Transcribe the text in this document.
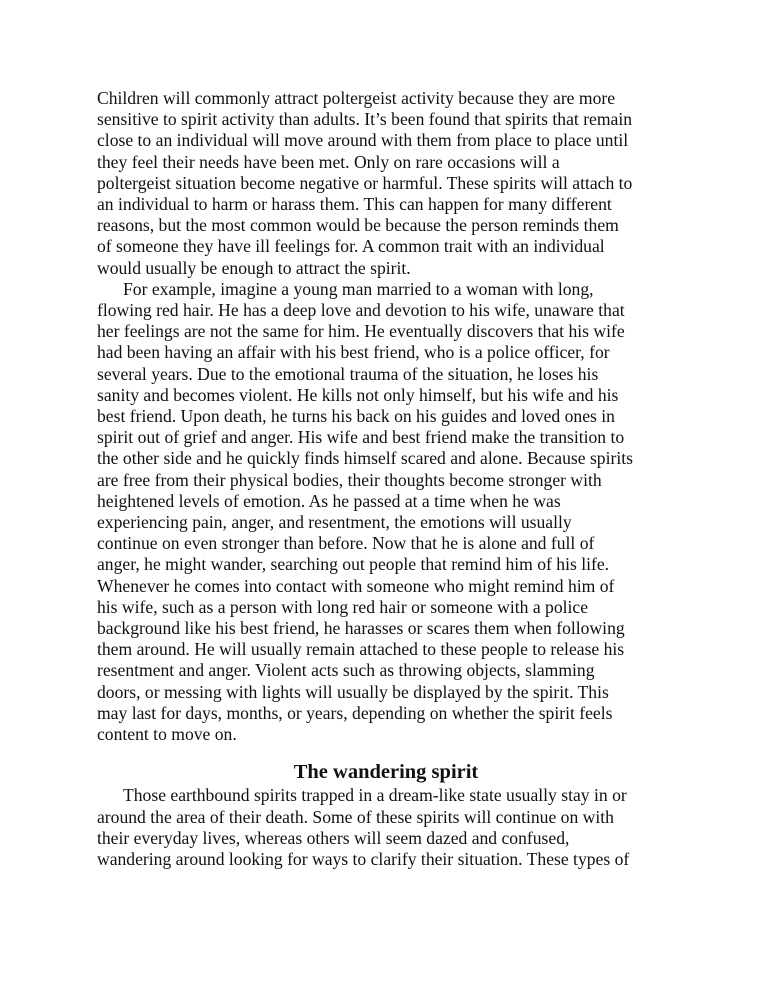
Children will commonly attract poltergeist activity because they are more
sensitive to spirit activity than adults. It’s been found that spirits that remain
close to an individual will move around with them from place to place until
they feel their needs have been met. Only on rare occasions will a
poltergeist situation become negative or harmful. These spirits will attach to
an individual to harm or harass them. This can happen for many different
reasons, but the most common would be because the person reminds them
of someone they have ill feelings for. A common trait with an individual
would usually be enough to attract the spirit.
For example, imagine a young man married to a woman with long,
flowing red hair. He has a deep love and devotion to his wife, unaware that
her feelings are not the same for him. He eventually discovers that his wife
had been having an affair with his best friend, who is a police officer, for
several years. Due to the emotional trauma of the situation, he loses his
sanity and becomes violent. He kills not only himself, but his wife and his
best friend. Upon death, he turns his back on his guides and loved ones in
spirit out of grief and anger. His wife and best friend make the transition to
the other side and he quickly finds himself scared and alone. Because spirits
are free from their physical bodies, their thoughts become stronger with
heightened levels of emotion. As he passed at a time when he was
experiencing pain, anger, and resentment, the emotions will usually
continue on even stronger than before. Now that he is alone and full of
anger, he might wander, searching out people that remind him of his life.
Whenever he comes into contact with someone who might remind him of
his wife, such as a person with long red hair or someone with a police
background like his best friend, he harasses or scares them when following
them around. He will usually remain attached to these people to release his
resentment and anger. Violent acts such as throwing objects, slamming
doors, or messing with lights will usually be displayed by the spirit. This
may last for days, months, or years, depending on whether the spirit feels
content to move on.
The wandering spirit
Those earthbound spirits trapped in a dream-like state usually stay in or
around the area of their death. Some of these spirits will continue on with
their everyday lives, whereas others will seem dazed and confused,
wandering around looking for ways to clarify their situation. These types of
